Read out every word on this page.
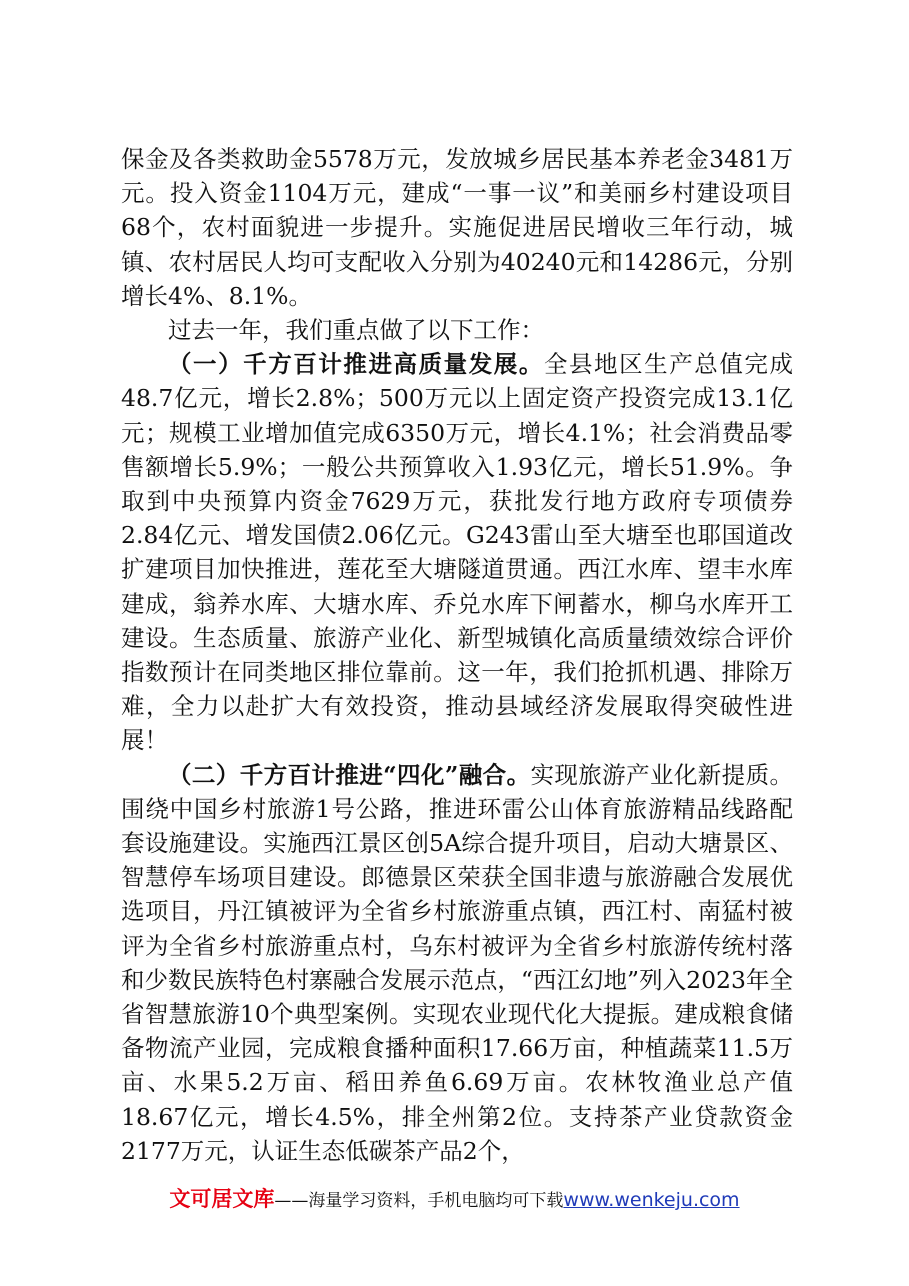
保金及各类救助金5578万元，发放城乡居民基本养老金3481万元。投入资金1104万元，建成“一事一议”和美丽乡村建设项目68个，农村面貌进一步提升。实施促进居民增收三年行动，城镇、农村居民人均可支配收入分别为40240元和14286元，分别增长4%、8.1%。

过去一年，我们重点做了以下工作：

（一）千方百计推进高质量发展。全县地区生产总值完成48.7亿元，增长2.8%；500万元以上固定资产投资完成13.1亿元；规模工业增加值完成6350万元，增长4.1%；社会消费品零售额增长5.9%；一般公共预算收入1.93亿元，增长51.9%。争取到中央预算内资金7629万元，获批发行地方政府专项债券2.84亿元、增发国债2.06亿元。G243雷山至大塘至也耶国道改扩建项目加快推进，莲花至大塘隧道贯通。西江水库、望丰水库建成，翁养水库、大塘水库、乔兑水库下闸蓄水，柳乌水库开工建设。生态质量、旅游产业化、新型城镇化高质量绩效综合评价指数预计在同类地区排位靠前。这一年，我们抢抓机遇、排除万难，全力以赴扩大有效投资，推动县域经济发展取得突破性进展！

（二）千方百计推进“四化”融合。实现旅游产业化新提质。围绕中国乡村旅游1号公路，推进环雷公山体育旅游精品线路配套设施建设。实施西江景区创5A综合提升项目，启动大塘景区、智慧停车场项目建设。郎德景区荣获全国非遗与旅游融合发展优选项目，丹江镇被评为全省乡村旅游重点镇，西江村、南猛村被评为全省乡村旅游重点村，乌东村被评为全省乡村旅游传统村落和少数民族特色村寨融合发展示范点，“西江幻地”列入2023年全省智慧旅游10个典型案例。实现农业现代化大提振。建成粮食储备物流产业园，完成粮食播种面积17.66万亩，种植蔬菜11.5万亩、水果5.2万亩、稻田养鱼6.69万亩。农林牧渔业总产值18.67亿元，增长4.5%，排全州第2位。支持茶产业贷款资金2177万元，认证生态低碳茶产品2个，

文可居文库——海量学习资料，手机电脑均可下载www.wenkeju.com
